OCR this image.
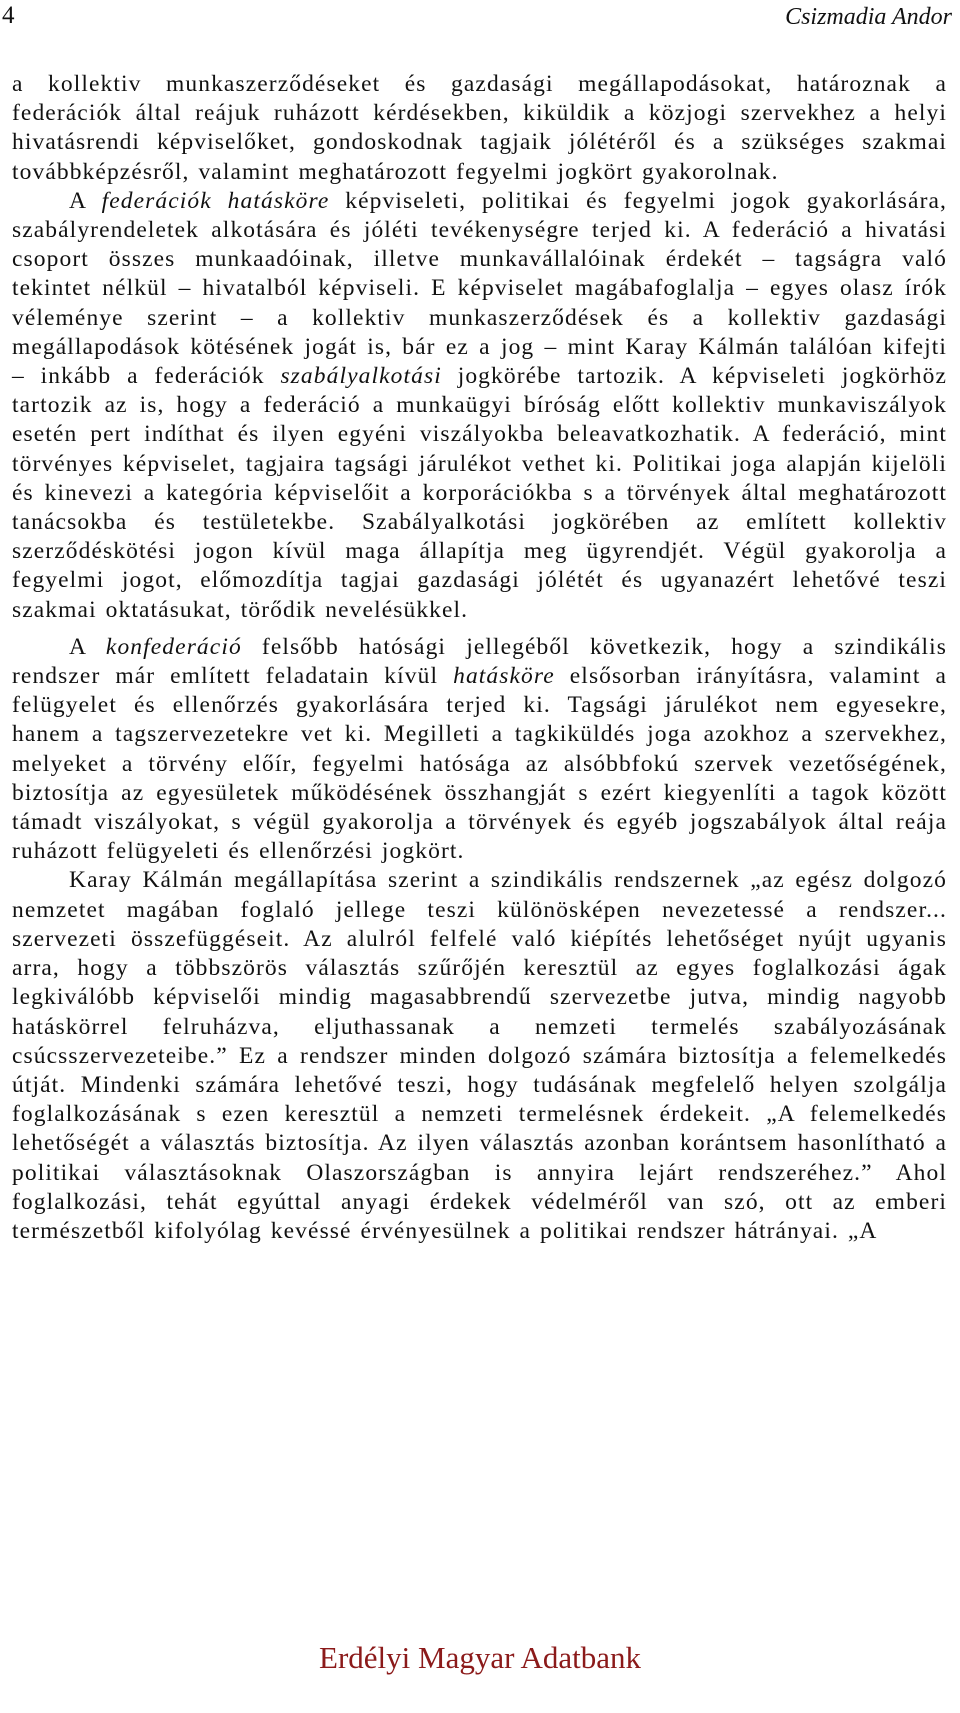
4	Csizmadia Andor

a kollektiv munkaszerződéseket és gazdasági megállapodásokat, határoznak a federációk által reájuk ruházott kérdésekben, kiküldik a közjogi szervekhez a helyi hivatásrendi képviselőket, gondoskodnak tagjaik jólétéről és a szükséges szakmai továbbképzésről, valamint meghatározott fegyelmi jogkört gyakorolnak.

A federációk hatásköre képviseleti, politikai és fegyelmi jogok gyakorlására, szabályrendeletek alkotására és jóléti tevékenységre terjed ki. A federáció a hivatási csoport összes munkaadóinak, illetve munkavállalóinak érdekét – tagságra való tekintet nélkül – hivatalból képviseli. E képviselet magábafoglalja – egyes olasz írók véleménye szerint – a kollektiv munkaszerződések és a kollektiv gazdasági megállapodások kötésének jogát is, bár ez a jog – mint Karay Kálmán találóan kifejti – inkább a federációk szabályalkotási jogkörébe tartozik. A képviseleti jogkörhöz tartozik az is, hogy a federáció a munkaügyi bíróság előtt kollektiv munkaviszályok esetén pert indíthat és ilyen egyéni viszályokba beleavatkozhatik. A federáció, mint törvényes képviselet, tagjaira tagsági járulékot vethet ki. Politikai joga alapján kijelöli és kinevezi a kategória képviselőit a korporációkba s a törvények által meghatározott tanácsokba és testületekbe. Szabályalkotási jogkörében az említett kollektiv szerződéskötési jogon kívül maga állapítja meg ügyrendjét. Végül gyakorolja a fegyelmi jogot, előmozdítja tagjai gazdasági jólétét és ugyanazért lehetővé teszi szakmai oktatásukat, törődik nevelésükkel.

A konfederáció felsőbb hatósági jellegéből következik, hogy a szindikális rendszer már említett feladatain kívül hatásköre elsősorban irányításra, valamint a felügyelet és ellenőrzés gyakorlására terjed ki. Tagsági járulékot nem egyesekre, hanem a tagszervezetekre vet ki. Megilleti a tagkiküldés joga azokhoz a szervekhez, melyeket a törvény előír, fegyelmi hatósága az alsóbbfokú szervek vezetőségének, biztosítja az egyesületek működésének összhangját s ezért kiegyenlíti a tagok között támadt viszályokat, s végül gyakorolja a törvények és egyéb jogszabályok által reája ruházott felügyeleti és ellenőrzési jogkört.

Karay Kálmán megállapítása szerint a szindikális rendszernek „az egész dolgozó nemzetet magában foglaló jellege teszi különösképen nevezetessé a rendszer... szervezeti összefüggéseit. Az alulról felfelé való kiépítés lehetőséget nyújt ugyanis arra, hogy a többszörös választás szűrőjén keresztül az egyes foglalkozási ágak legkiválóbb képviselői mindig magasabbrendű szervezetbe jutva, mindig nagyobb hatáskörrel felruházva, eljuthassanak a nemzeti termelés szabályozásának csúcsszervezeteibe.” Ez a rendszer minden dolgozó számára biztosítja a felemelkedés útját. Mindenki számára lehetővé teszi, hogy tudásának megfelelő helyen szolgálja foglalkozásának s ezen keresztül a nemzeti termelésnek érdekeit. „A felemelkedés lehetőségét a választás biztosítja. Az ilyen választás azonban korántsem hasonlítható a politikai választásoknak Olaszországban is annyira lejárt rendszeréhez.” Ahol foglalkozási, tehát egyúttal anyagi érdekek védelméről van szó, ott az emberi természetből kifolyólag kevéssé érvényesülnek a politikai rendszer hátrányai. „A

Erdélyi Magyar Adatbank
